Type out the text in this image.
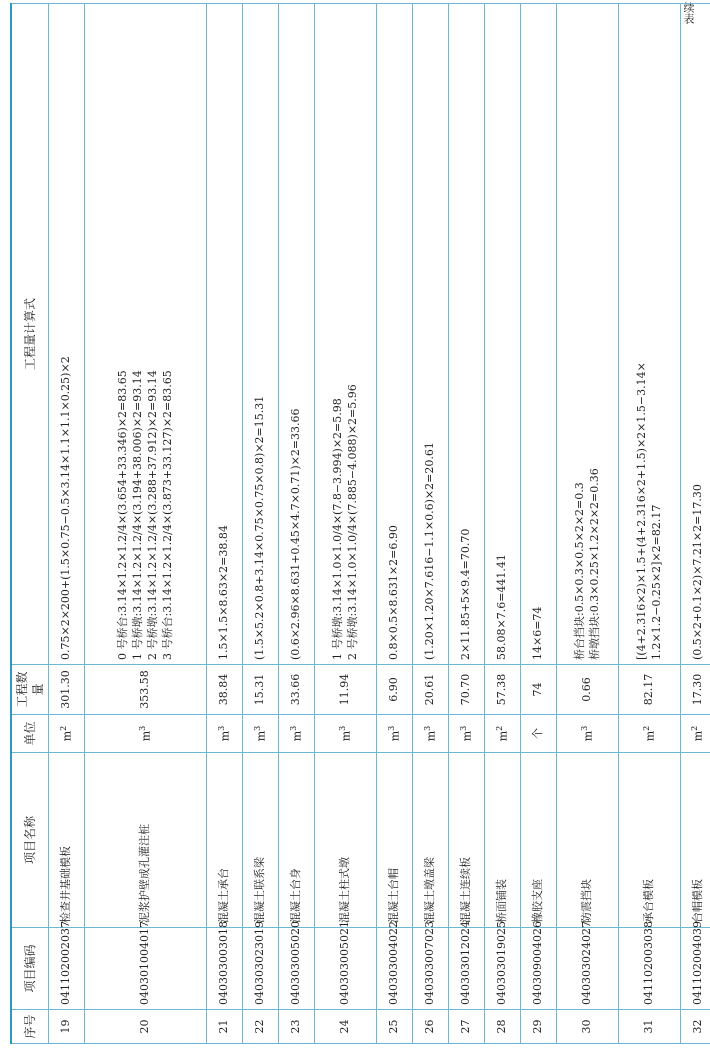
续表
序号	项目编码	项目名称	单位	工程数量	工程量计算式
19	041102002037	检查井基础模板	$m^2$	301.30	0.75×2×200+(1.5×0.75−0.5×3.14×1.1×1.1×0.25)×2

20	040301004017	泥浆护壁成孔灌注桩	$m^3$	353.58	0 号桥台:3.14×1.2×1.2/4×(3.654+33.346)×2=83.65 1 号桥墩:3.14×1.2×1.2/4×(3.194+38.006)×2=93.14 2 号桥墩:3.14×1.2×1.2/4×(3.288+37.912)×2=93.14 3 号桥台:3.14×1.2×1.2/4×(3.873+33.127)×2=83.65

21	040303003018	混凝土承台	$m^3$	38.84	1.5×1.5×8.63×2=38.84

22	040303023019	混凝土联系梁	$m^3$	15.31	(1.5×5.2×0.8+3.14×0.75×0.75×0.8)×2=15.31

23	040303005020	混凝土台身	$m^3$	33.66	(0.6×2.96×8.631+0.45×4.7×0.71)×2=33.66

24	040303005021	混凝土柱式墩	$m^3$	11.94	1 号桥墩:3.14×1.0×1.0/4×(7.8−3.994)×2=5.98 2 号桥墩:3.14×1.0×1.0/4×(7.885−4.088)×2=5.96

25	040303004022	混凝土台帽	$m^3$	6.90	0.8×0.5×8.631×2=6.90

26	040303007023	混凝土墩盖梁	$m^3$	20.61	(1.20×1.20×7.616−1.1×0.6)×2=20.61

27	040303012024	混凝土连续板	$m^3$	70.70	2×11.85+5×9.4=70.70

28	040303019025	桥面铺装	$m^2$	57.38	58.08×7.6=441.41

29	040309004026	橡胶支座	个	74	14×6=74

30	040303024027	防震挡块	$m^3$	0.66	桥台挡块:0.5×0.3×0.5×2×2=0.3 桥墩挡块:0.3×0.25×1.2×2×2=0.36

31	041102003038	承台模板	$m^2$	82.17	[(4+2.316×2)×1.5+(4+2.316×2+1.5)×2×1.5−3.14× 1.2×1.2−0.25×2]×2=82.17

32	041102004039	台帽模板	$m^2$	17.30	(0.5×2+0.1×2)×7.21×2=17.30
